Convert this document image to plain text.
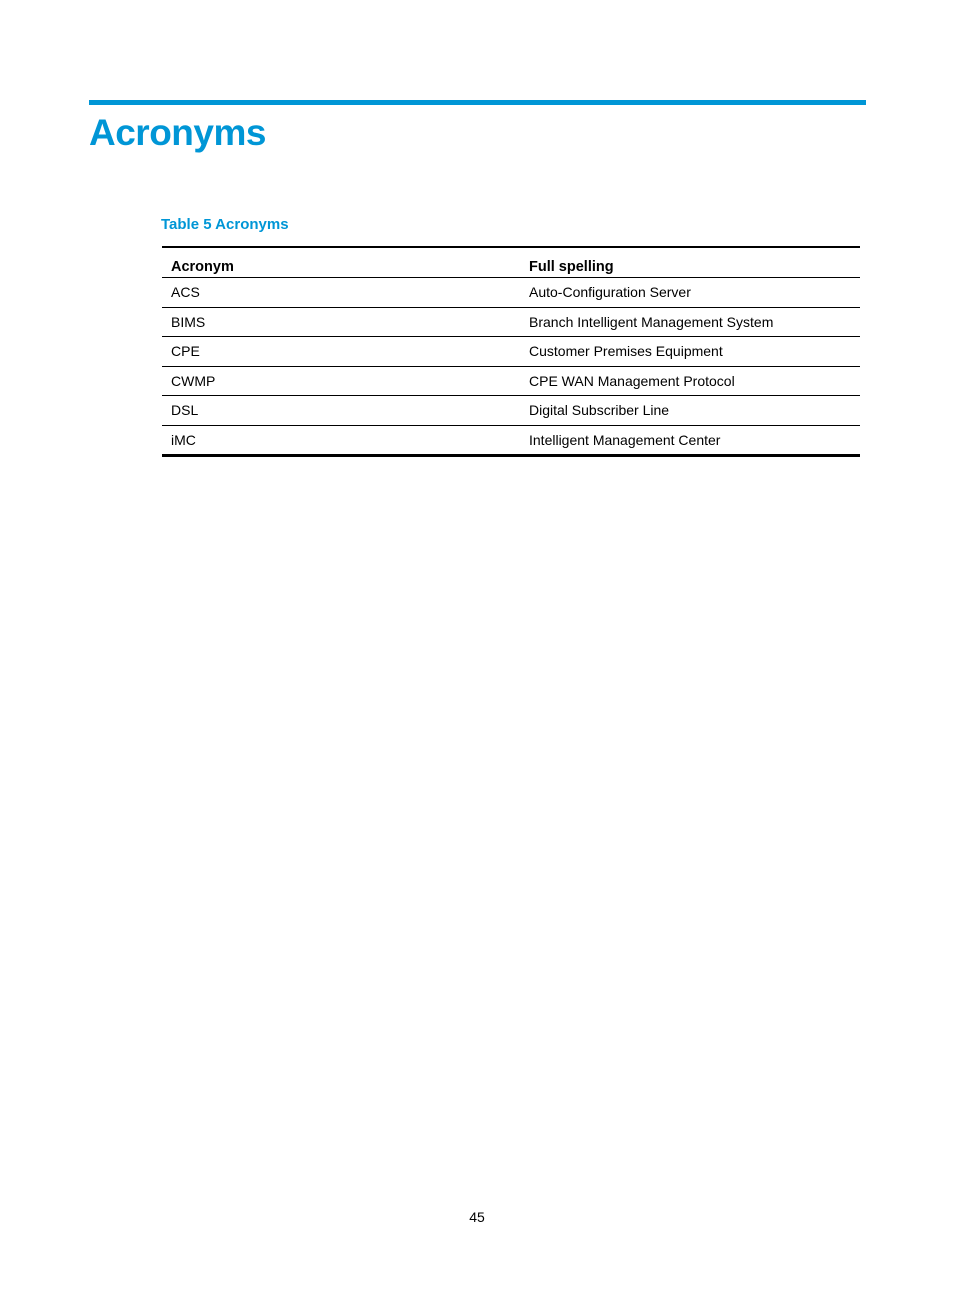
Acronyms
Table 5 Acronyms
Acronym	Full spelling
ACS	Auto-Configuration Server
BIMS	Branch Intelligent Management System
CPE	Customer Premises Equipment
CWMP	CPE WAN Management Protocol
DSL	Digital Subscriber Line
iMC	Intelligent Management Center
45
